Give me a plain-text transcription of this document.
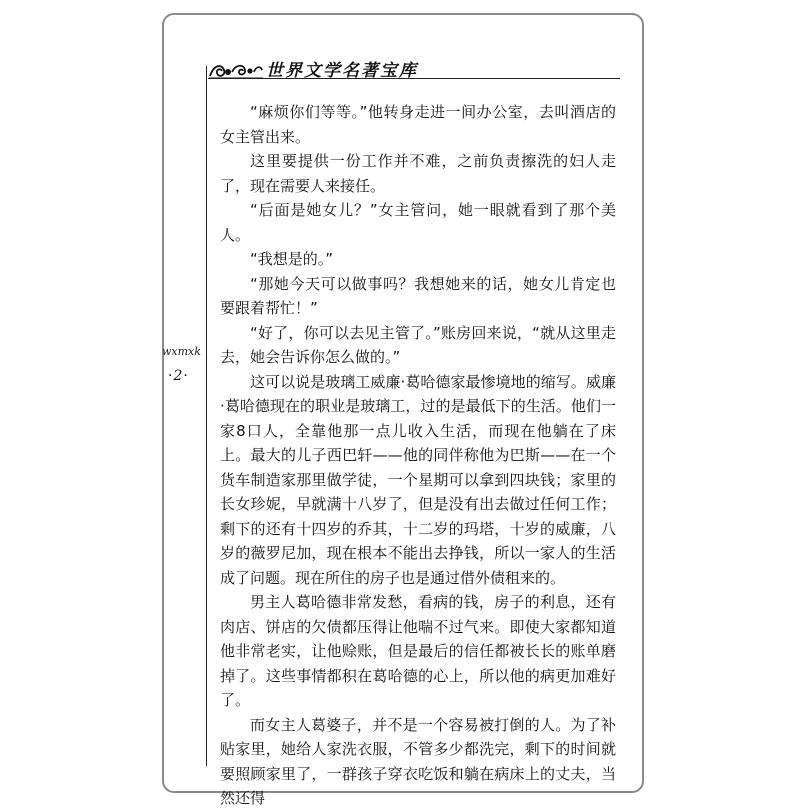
世界文学名著宝库
wxmxk
·2·

“麻烦你们等等。”他转身走进一间办公室，去叫酒店的女主管出来。

这里要提供一份工作并不难，之前负责擦洗的妇人走了，现在需要人来接任。

“后面是她女儿？”女主管问，她一眼就看到了那个美人。

“我想是的。”

“那她今天可以做事吗？我想她来的话，她女儿肯定也要跟着帮忙！”

“好了，你可以去见主管了。”账房回来说，“就从这里走去，她会告诉你怎么做的。”

这可以说是玻璃工威廉·葛哈德家最惨境地的缩写。威廉·葛哈德现在的职业是玻璃工，过的是最低下的生活。他们一家8口人，全靠他那一点儿收入生活，而现在他躺在了床上。最大的儿子西巴轩——他的同伴称他为巴斯——在一个货车制造家那里做学徒，一个星期可以拿到四块钱；家里的长女珍妮，早就满十八岁了，但是没有出去做过任何工作；剩下的还有十四岁的乔其，十二岁的玛塔，十岁的威廉，八岁的薇罗尼加，现在根本不能出去挣钱，所以一家人的生活成了问题。现在所住的房子也是通过借外债租来的。

男主人葛哈德非常发愁，看病的钱，房子的利息，还有肉店、饼店的欠债都压得让他喘不过气来。即使大家都知道他非常老实，让他赊账，但是最后的信任都被长长的账单磨掉了。这些事情都积在葛哈德的心上，所以他的病更加难好了。

而女主人葛婆子，并不是一个容易被打倒的人。为了补贴家里，她给人家洗衣服，不管多少都洗完，剩下的时间就要照顾家里了，一群孩子穿衣吃饭和躺在病床上的丈夫，当然还得
